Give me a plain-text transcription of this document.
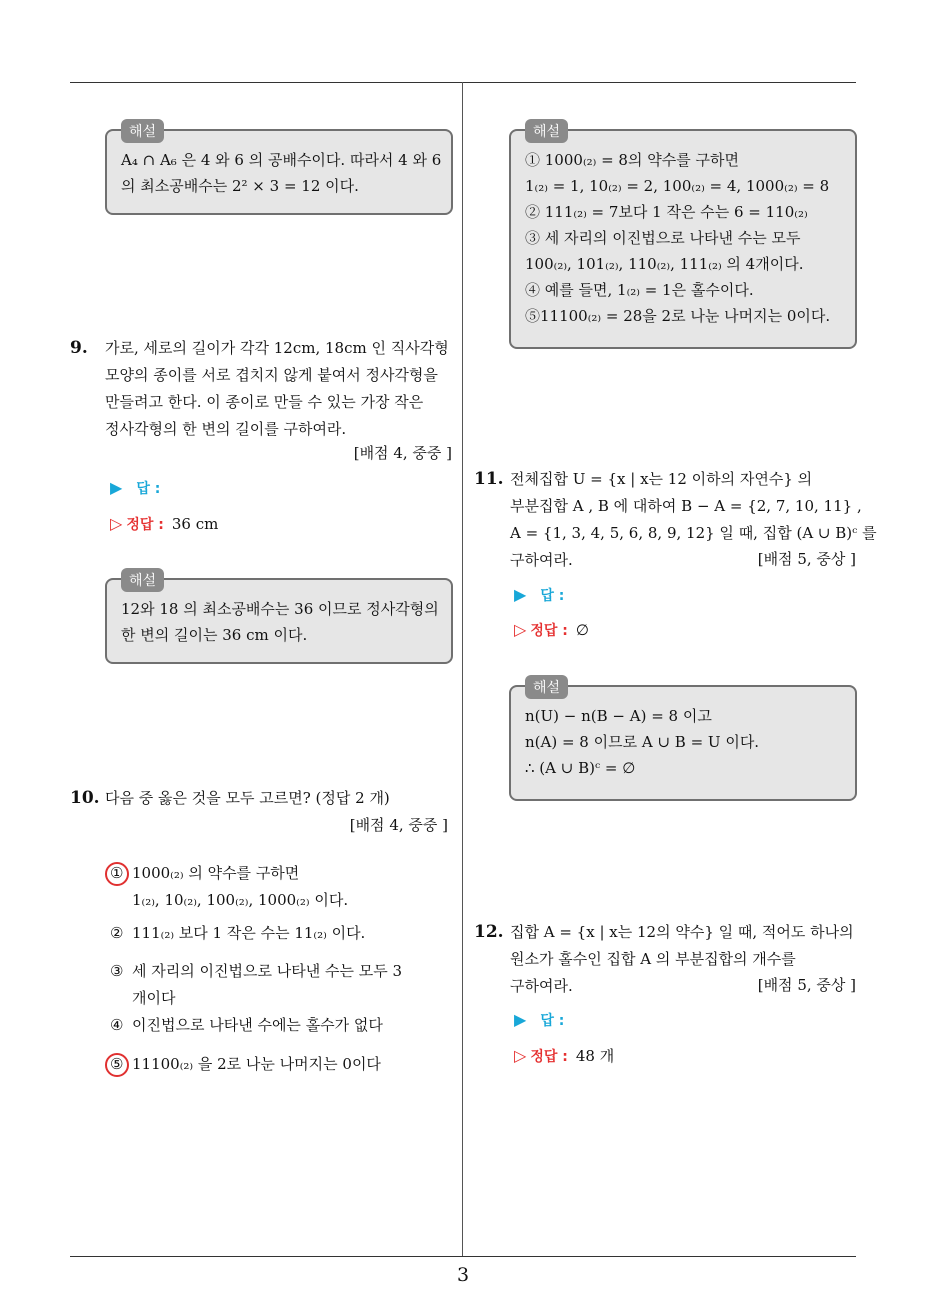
3
해설
A₄ ∩ A₆ 은 4 와 6 의 공배수이다. 따라서 4 와 6
의 최소공배수는 2² × 3 = 12 이다.
9. 가로, 세로의 길이가 각각 12cm, 18cm 인 직사각형
모양의 종이를 서로 겹치지 않게 붙여서 정사각형을
만들려고 한다. 이 종이로 만들 수 있는 가장 작은
정사각형의 한 변의 길이를 구하여라.
[배점 4, 중중 ]
▶ 답 :
▷ 정답 : 36 cm
해설
12와 18 의 최소공배수는 36 이므로 정사각형의
한 변의 길이는 36 cm 이다.
10. 다음 중 옳은 것을 모두 고르면? (정답 2 개)
[배점 4, 중중 ]
① 1000₍₂₎ 의 약수를 구하면
1₍₂₎, 10₍₂₎, 100₍₂₎, 1000₍₂₎ 이다.
② 111₍₂₎ 보다 1 작은 수는 11₍₂₎ 이다.
③ 세 자리의 이진법으로 나타낸 수는 모두 3
개이다
④ 이진법으로 나타낸 수에는 홀수가 없다
⑤ 11100₍₂₎ 을 2로 나눈 나머지는 0이다
해설
① 1000₍₂₎ = 8의 약수를 구하면
1₍₂₎ = 1, 10₍₂₎ = 2, 100₍₂₎ = 4, 1000₍₂₎ = 8
② 111₍₂₎ = 7보다 1 작은 수는 6 = 110₍₂₎
③ 세 자리의 이진법으로 나타낸 수는 모두
100₍₂₎, 101₍₂₎, 110₍₂₎, 111₍₂₎ 의 4개이다.
④ 예를 들면, 1₍₂₎ = 1은 홀수이다.
⑤11100₍₂₎ = 28을 2로 나눈 나머지는 0이다.
11. 전체집합 U = {x | x는 12 이하의 자연수} 의
부분집합 A , B 에 대하여 B − A = {2, 7, 10, 11} ,
A = {1, 3, 4, 5, 6, 8, 9, 12} 일 때, 집합 (A ∪ B)ᶜ 를
구하여라.	[배점 5, 중상 ]
▶ 답 :
▷ 정답 : ∅
해설
n(U) − n(B − A) = 8 이고
n(A) = 8 이므로 A ∪ B = U 이다.
∴ (A ∪ B)ᶜ = ∅
12. 집합 A = {x | x는 12의 약수} 일 때, 적어도 하나의
원소가 홀수인 집합 A 의 부분집합의 개수를
구하여라.	[배점 5, 중상 ]
▶ 답 :
▷ 정답 : 48 개
